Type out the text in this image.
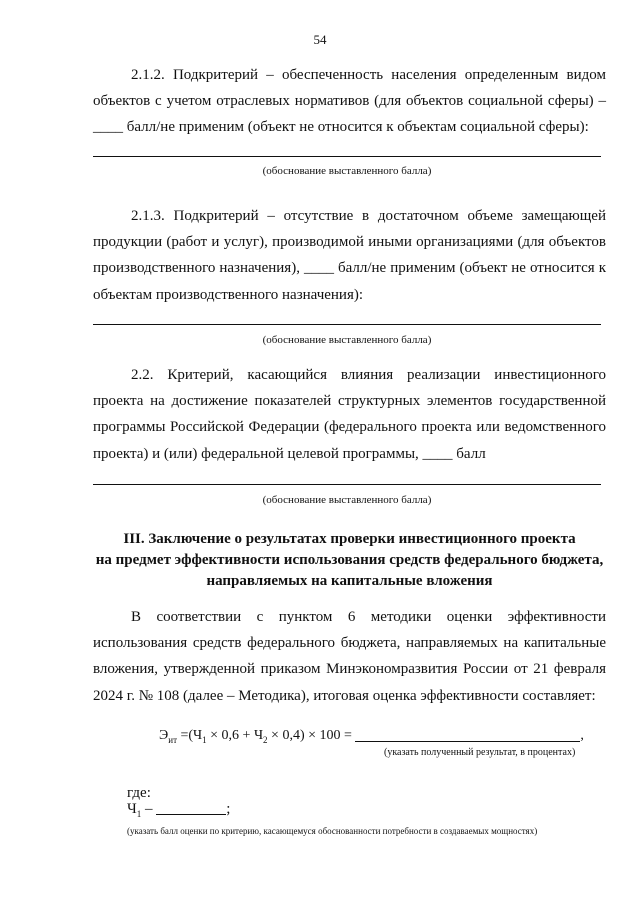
54
2.1.2. Подкритерий – обеспеченность населения определенным видом объектов с учетом отраслевых нормативов (для объектов социальной сферы) – ____ балл/не применим (объект не относится к объектам социальной сферы):
(обоснование выставленного балла)
2.1.3. Подкритерий – отсутствие в достаточном объеме замещающей продукции (работ и услуг), производимой иными организациями (для объектов производственного назначения), ____ балл/не применим (объект не относится к объектам производственного назначения):
(обоснование выставленного балла)
2.2. Критерий, касающийся влияния реализации инвестиционного проекта на достижение показателей структурных элементов государственной программы Российской Федерации (федерального проекта или ведомственного проекта) и (или) федеральной целевой программы, ____ балл
(обоснование выставленного балла)
III. Заключение о результатах проверки инвестиционного проекта
на предмет эффективности использования средств федерального бюджета,
направляемых на капитальные вложения
В соответствии с пунктом 6 методики оценки эффективности использования средств федерального бюджета, направляемых на капитальные вложения, утвержденной приказом Минэкономразвития России от 21 февраля 2024 г. № 108 (далее – Методика), итоговая оценка эффективности составляет:
$Э_{ит} =(Ч_1 \times 0,6 + Ч_2 \times 0,4) \times 100$ =	,
(указать полученный результат, в процентах)
где:
$Ч_1$ –	;
(указать балл оценки по критерию, касающемуся обоснованности потребности в создаваемых мощностях)
